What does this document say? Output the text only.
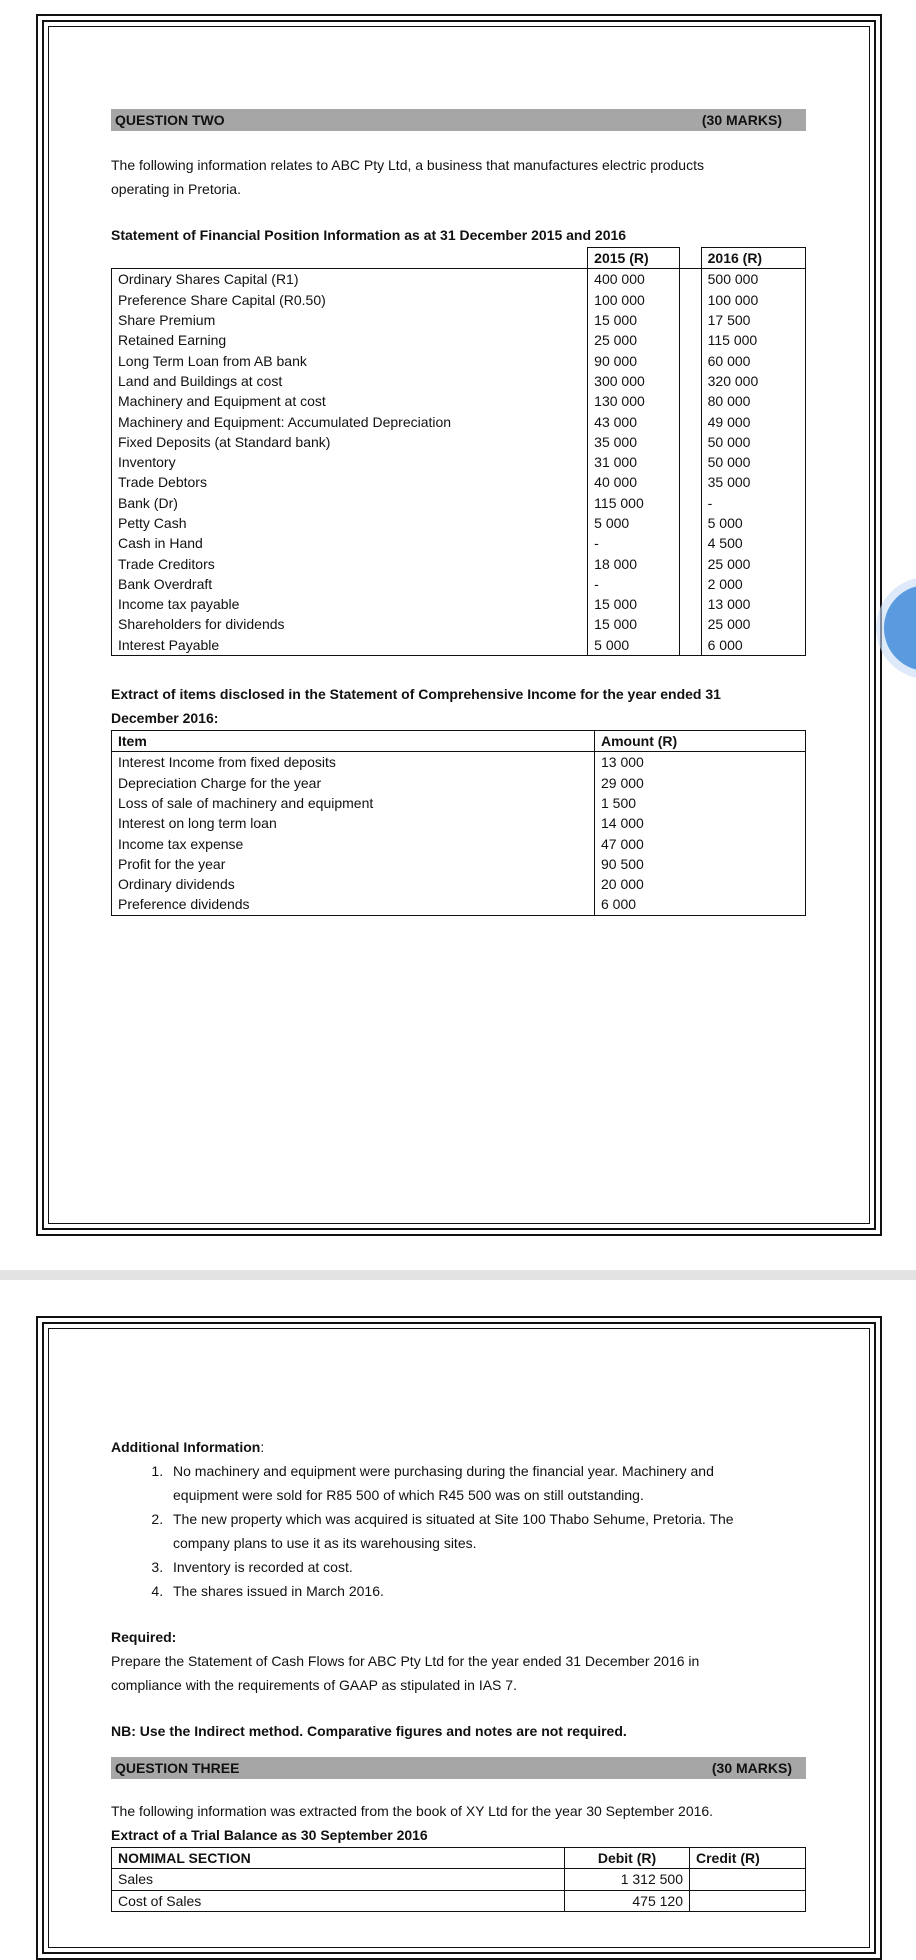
QUESTION TWO	(30 MARKS)

The following information relates to ABC Pty Ltd, a business that manufactures electric products

operating in Pretoria.

Statement of Financial Position Information as at 31 December 2015 and 2016

	2015 (R)		2016 (R)
Ordinary Shares Capital (R1)	400 000		500 000
Preference Share Capital (R0.50)	100 000		100 000
Share Premium	15 000		17 500
Retained Earning	25 000		115 000
Long Term Loan from AB bank	90 000		60 000
Land and Buildings at cost	300 000		320 000
Machinery and Equipment at cost	130 000		80 000
Machinery and Equipment: Accumulated Depreciation	43 000		49 000
Fixed Deposits (at Standard bank)	35 000		50 000
Inventory	31 000		50 000
Trade Debtors	40 000		35 000
Bank (Dr)	115 000		-
Petty Cash	5 000		5 000
Cash in Hand	-		4 500
Trade Creditors	18 000		25 000
Bank Overdraft	-		2 000
Income tax payable	15 000		13 000
Shareholders for dividends	15 000		25 000
Interest Payable	5 000		6 000

Extract of items disclosed in the Statement of Comprehensive Income for the year ended 31

December 2016:

Item	Amount (R)
Interest Income from fixed deposits	13 000
Depreciation Charge for the year	29 000
Loss of sale of machinery and equipment	1 500
Interest on long term loan	14 000
Income tax expense	47 000
Profit for the year	90 500
Ordinary dividends	20 000
Preference dividends	6 000

Additional Information:

1. No machinery and equipment were purchasing during the financial year. Machinery and
equipment were sold for R85 500 of which R45 500 was on still outstanding.
2. The new property which was acquired is situated at Site 100 Thabo Sehume, Pretoria. The
company plans to use it as its warehousing sites.
3. Inventory is recorded at cost.
4. The shares issued in March 2016.

Required:

Prepare the Statement of Cash Flows for ABC Pty Ltd for the year ended 31 December 2016 in

compliance with the requirements of GAAP as stipulated in IAS 7.

NB: Use the Indirect method. Comparative figures and notes are not required.

QUESTION THREE	(30 MARKS)

The following information was extracted from the book of XY Ltd for the year 30 September 2016.

Extract of a Trial Balance as 30 September 2016

NOMIMAL SECTION	Debit (R)	Credit (R)
Sales	1 312 500	
Cost of Sales	475 120	
